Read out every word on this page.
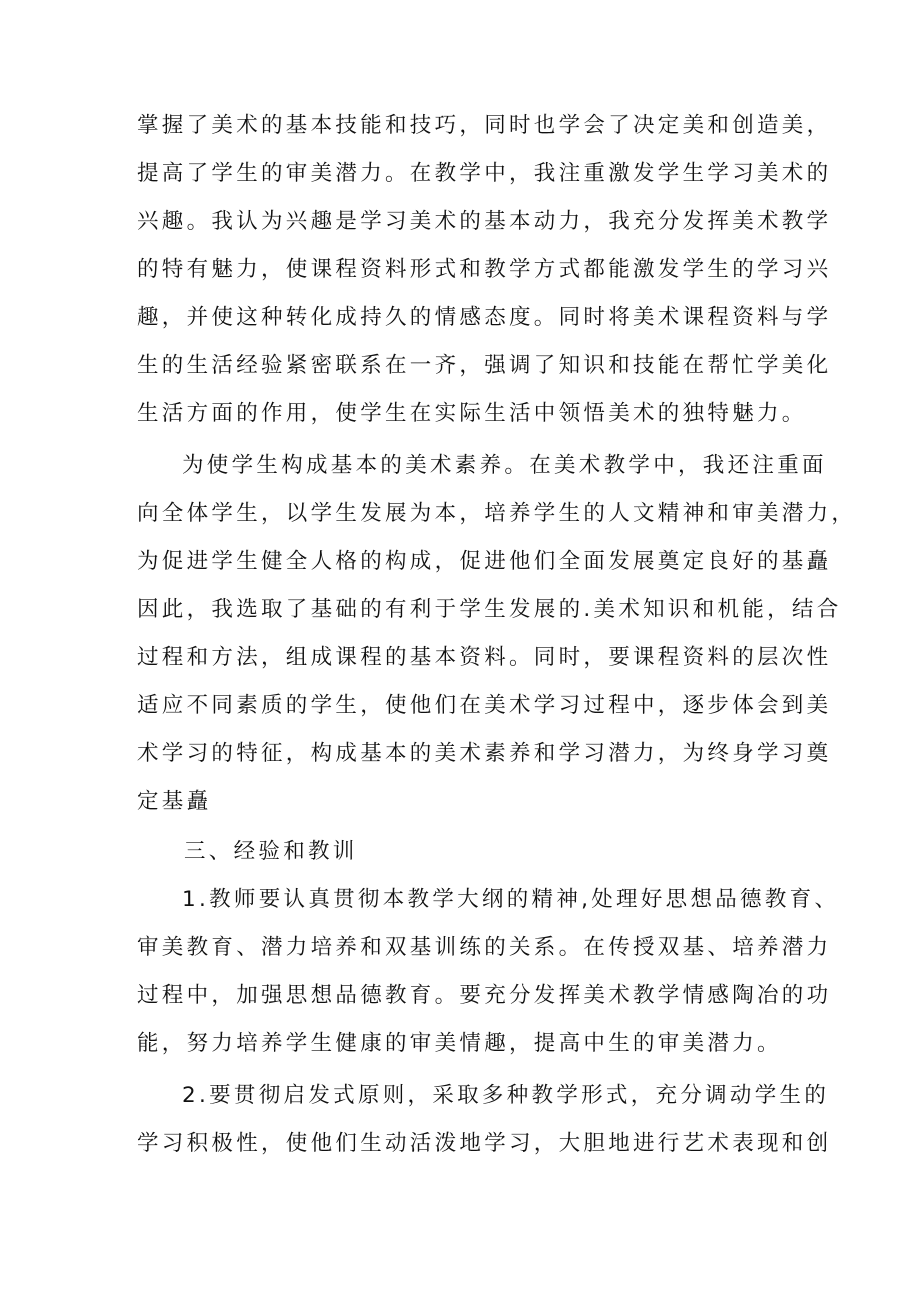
掌握了美术的基本技能和技巧，同时也学会了决定美和创造美，
提高了学生的审美潜力。在教学中，我注重激发学生学习美术的
兴趣。我认为兴趣是学习美术的基本动力，我充分发挥美术教学
的特有魅力，使课程资料形式和教学方式都能激发学生的学习兴
趣，并使这种转化成持久的情感态度。同时将美术课程资料与学
生的生活经验紧密联系在一齐，强调了知识和技能在帮忙学美化
生活方面的作用，使学生在实际生活中领悟美术的独特魅力。
为使学生构成基本的美术素养。在美术教学中，我还注重面
向全体学生，以学生发展为本，培养学生的人文精神和审美潜力，
为促进学生健全人格的构成，促进他们全面发展奠定良好的基矗
因此，我选取了基础的有利于学生发展的.美术知识和机能，结合
过程和方法，组成课程的基本资料。同时，要课程资料的层次性
适应不同素质的学生，使他们在美术学习过程中，逐步体会到美
术学习的特征，构成基本的美术素养和学习潜力，为终身学习奠
定基矗
三、经验和教训
1.教师要认真贯彻本教学大纲的精神,处理好思想品德教育、
审美教育、潜力培养和双基训练的关系。在传授双基、培养潜力
过程中，加强思想品德教育。要充分发挥美术教学情感陶冶的功
能，努力培养学生健康的审美情趣，提高中生的审美潜力。
2.要贯彻启发式原则，采取多种教学形式，充分调动学生的
学习积极性，使他们生动活泼地学习，大胆地进行艺术表现和创
